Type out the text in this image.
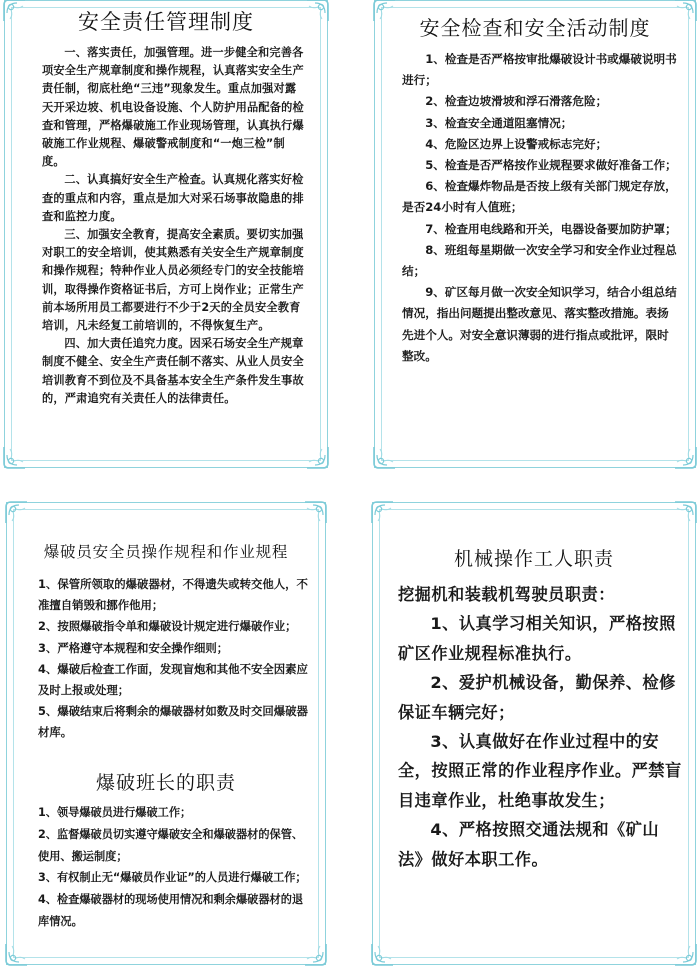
安全责任管理制度

一、落实责任，加强管理。进一步健全和完善各项安全生产规章制度和操作规程，认真落实安全生产责任制，彻底杜绝“三违”现象发生。重点加强对露天开采边坡、机电设备设施、个人防护用品配备的检查和管理，严格爆破施工作业现场管理，认真执行爆破施工作业规程、爆破警戒制度和“一炮三检”制度。

二、认真搞好安全生产检查。认真规化落实好检查的重点和内容，重点是加大对采石场事故隐患的排查和监控力度。

三、加强安全教育，提高安全素质。要切实加强对职工的安全培训，使其熟悉有关安全生产规章制度和操作规程；特种作业人员必须经专门的安全技能培训，取得操作资格证书后，方可上岗作业；正常生产前本场所用员工都要进行不少于2天的全员安全教育培训，凡未经复工前培训的，不得恢复生产。

四、加大责任追究力度。因采石场安全生产规章制度不健全、安全生产责任制不落实、从业人员安全培训教育不到位及不具备基本安全生产条件发生事故的，严肃追究有关责任人的法律责任。

安全检查和安全活动制度

1、检查是否严格按审批爆破设计书或爆破说明书进行；

2、检查边坡滑坡和浮石滑落危险；

3、检查安全通道阻塞情况；

4、危险区边界上设警戒标志完好；

5、检查是否严格按作业规程要求做好准备工作；

6、检查爆炸物品是否按上级有关部门规定存放，是否24小时有人值班；

7、检查用电线路和开关，电器设备要加防护罩；

8、班组每星期做一次安全学习和安全作业过程总结；

9、矿区每月做一次安全知识学习，结合小组总结情况，指出问题提出整改意见、落实整改措施。表扬先进个人。对安全意识薄弱的进行指点或批评，限时整改。

爆破员安全员操作规程和作业规程

1、保管所领取的爆破器材，不得遗失或转交他人，不准擅自销毁和挪作他用；

2、按照爆破指令单和爆破设计规定进行爆破作业；

3、严格遵守本规程和安全操作细则；

4、爆破后检查工作面，发现盲炮和其他不安全因素应及时上报或处理；

5、爆破结束后将剩余的爆破器材如数及时交回爆破器材库。

爆破班长的职责

1、领导爆破员进行爆破工作；

2、监督爆破员切实遵守爆破安全和爆破器材的保管、使用、搬运制度；

3、有权制止无“爆破员作业证”的人员进行爆破工作；

4、检查爆破器材的现场使用情况和剩余爆破器材的退库情况。

机械操作工人职责

挖掘机和装载机驾驶员职责：

1、认真学习相关知识，严格按照矿区作业规程标准执行。

2、爱护机械设备，勤保养、检修保证车辆完好；

3、认真做好在作业过程中的安全，按照正常的作业程序作业。严禁盲目违章作业，杜绝事故发生；

4、严格按照交通法规和《矿山法》做好本职工作。
